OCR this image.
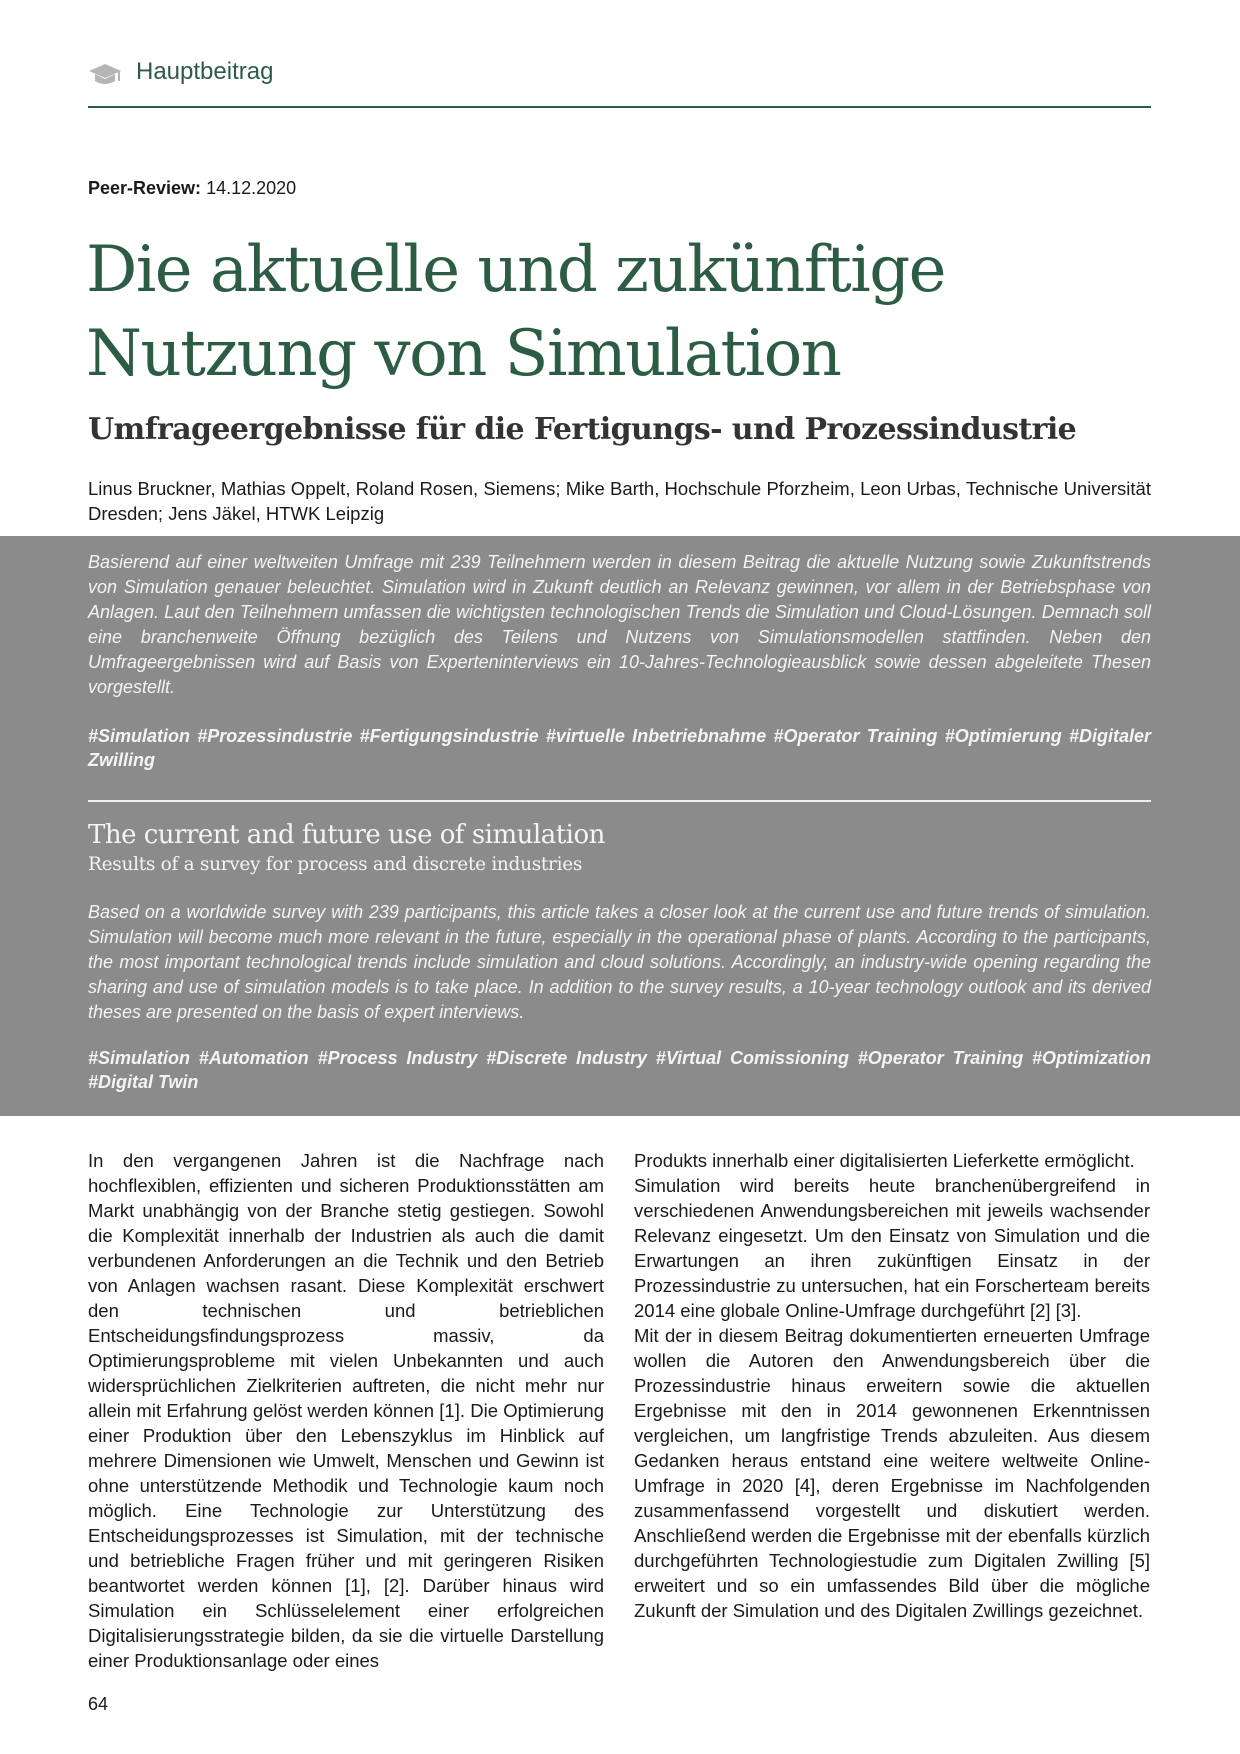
Hauptbeitrag
Peer-Review: 14.12.2020
Die aktuelle und zukünftige
Nutzung von Simulation
Umfrageergebnisse für die Fertigungs- und Prozessindustrie
Linus Bruckner, Mathias Oppelt, Roland Rosen, Siemens; Mike Barth, Hochschule Pforzheim, Leon Urbas, Technische Universität Dresden; Jens Jäkel, HTWK Leipzig
Basierend auf einer weltweiten Umfrage mit 239 Teilnehmern werden in diesem Beitrag die aktuelle Nutzung sowie Zukunftstrends von Simulation genauer beleuchtet. Simulation wird in Zukunft deutlich an Relevanz gewinnen, vor allem in der Betriebsphase von Anlagen. Laut den Teilnehmern umfassen die wichtigsten technologischen Trends die Simulation und Cloud-Lösungen. Demnach soll eine branchenweite Öffnung bezüglich des Teilens und Nutzens von Simulationsmodellen stattfinden. Neben den Umfrageergebnissen wird auf Basis von Experteninterviews ein 10-Jahres-Technologieausblick sowie dessen abgeleitete Thesen vorgestellt.
#Simulation #Prozessindustrie #Fertigungsindustrie #virtuelle Inbetriebnahme #Operator Training #Optimierung #Digitaler Zwilling
The current and future use of simulation
Results of a survey for process and discrete industries
Based on a worldwide survey with 239 participants, this article takes a closer look at the current use and future trends of simulation. Simulation will become much more relevant in the future, especially in the operational phase of plants. According to the participants, the most important technological trends include simulation and cloud solutions. Accordingly, an industry-wide opening regarding the sharing and use of simulation models is to take place. In addition to the survey results, a 10-year technology outlook and its derived theses are presented on the basis of expert interviews.
#Simulation #Automation #Process Industry #Discrete Industry #Virtual Comissioning #Operator Training #Optimization #Digital Twin

In den vergangenen Jahren ist die Nachfrage nach hochflexiblen, effizienten und sicheren Produktionsstätten am Markt unabhängig von der Branche stetig gestiegen. Sowohl die Komplexität innerhalb der Industrien als auch die damit verbundenen Anforderungen an die Technik und den Betrieb von Anlagen wachsen rasant. Diese Komplexität erschwert den technischen und betrieblichen Entscheidungsfindungsprozess massiv, da Optimierungsprobleme mit vielen Unbekannten und auch widersprüchlichen Zielkriterien auftreten, die nicht mehr nur allein mit Erfahrung gelöst werden können [1]. Die Optimierung einer Produktion über den Lebenszyklus im Hinblick auf mehrere Dimensionen wie Umwelt, Menschen und Gewinn ist ohne unterstützende Methodik und Technologie kaum noch möglich. Eine Technologie zur Unterstützung des Entscheidungsprozesses ist Simulation, mit der technische und betriebliche Fragen früher und mit geringeren Risiken beantwortet werden können [1], [2]. Darüber hinaus wird Simulation ein Schlüsselelement einer erfolgreichen Digitalisierungsstrategie bilden, da sie die virtuelle Darstellung einer Produktionsanlage oder eines

Produkts innerhalb einer digitalisierten Lieferkette ermöglicht.

Simulation wird bereits heute branchenübergreifend in verschiedenen Anwendungsbereichen mit jeweils wachsender Relevanz eingesetzt. Um den Einsatz von Simulation und die Erwartungen an ihren zukünftigen Einsatz in der Prozessindustrie zu untersuchen, hat ein Forscherteam bereits 2014 eine globale Online-Umfrage durchgeführt [2] [3].

Mit der in diesem Beitrag dokumentierten erneuerten Umfrage wollen die Autoren den Anwendungsbereich über die Prozessindustrie hinaus erweitern sowie die aktuellen Ergebnisse mit den in 2014 gewonnenen Erkenntnissen vergleichen, um langfristige Trends abzuleiten. Aus diesem Gedanken heraus entstand eine weitere weltweite Online-Umfrage in 2020 [4], deren Ergebnisse im Nachfolgenden zusammenfassend vorgestellt und diskutiert werden. Anschließend werden die Ergebnisse mit der ebenfalls kürzlich durchgeführten Technologiestudie zum Digitalen Zwilling [5] erweitert und so ein umfassendes Bild über die mögliche Zukunft der Simulation und des Digitalen Zwillings gezeichnet.

64
